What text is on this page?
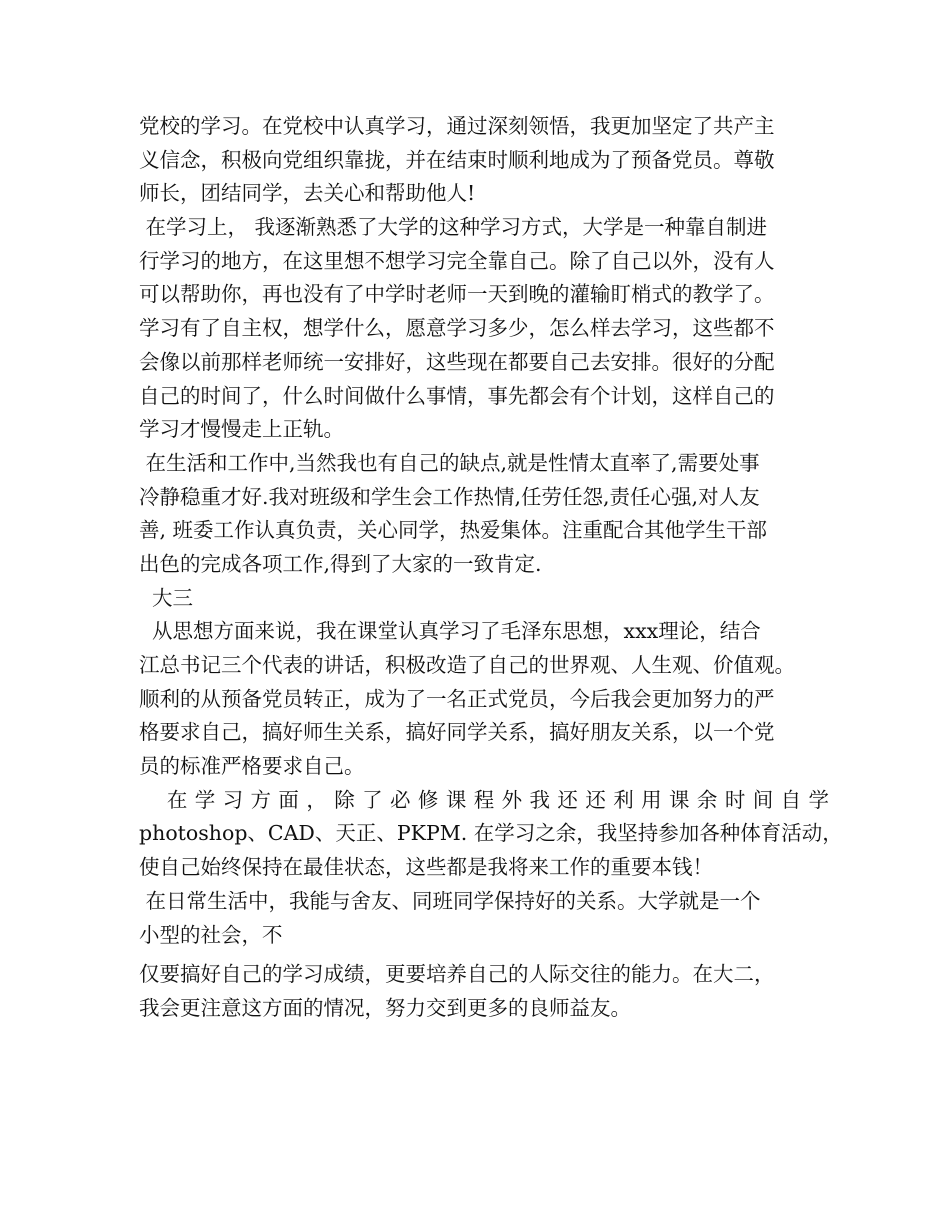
党校的学习。在党校中认真学习，通过深刻领悟，我更加坚定了共产主
义信念，积极向党组织靠拢，并在结束时顺利地成为了预备党员。尊敬
师长，团结同学，去关心和帮助他人!
在学习上， 我逐渐熟悉了大学的这种学习方式，大学是一种靠自制进
行学习的地方，在这里想不想学习完全靠自己。除了自己以外，没有人
可以帮助你，再也没有了中学时老师一天到晚的灌输盯梢式的教学了。
学习有了自主权，想学什么，愿意学习多少，怎么样去学习，这些都不
会像以前那样老师统一安排好，这些现在都要自己去安排。很好的分配
自己的时间了，什么时间做什么事情，事先都会有个计划，这样自己的
学习才慢慢走上正轨。
在生活和工作中,当然我也有自己的缺点,就是性情太直率了,需要处事
冷静稳重才好.我对班级和学生会工作热情,任劳任怨,责任心强,对人友
善, 班委工作认真负责，关心同学，热爱集体。注重配合其他学生干部
出色的完成各项工作,得到了大家的一致肯定.
大三
从思想方面来说，我在课堂认真学习了毛泽东思想，xxx理论，结合
江总书记三个代表的讲话，积极改造了自己的世界观、人生观、价值观。
顺利的从预备党员转正，成为了一名正式党员，今后我会更加努力的严
格要求自己，搞好师生关系，搞好同学关系，搞好朋友关系，以一个党
员的标准严格要求自己。
在学习方面，除了必修课程外我还还利用课余时间自学
photoshop、CAD、天正、PKPM. 在学习之余，我坚持参加各种体育活动，
使自己始终保持在最佳状态，这些都是我将来工作的重要本钱！
在日常生活中，我能与舍友、同班同学保持好的关系。大学就是一个
小型的社会，不
仅要搞好自己的学习成绩，更要培养自己的人际交往的能力。在大二，
我会更注意这方面的情况，努力交到更多的良师益友。
